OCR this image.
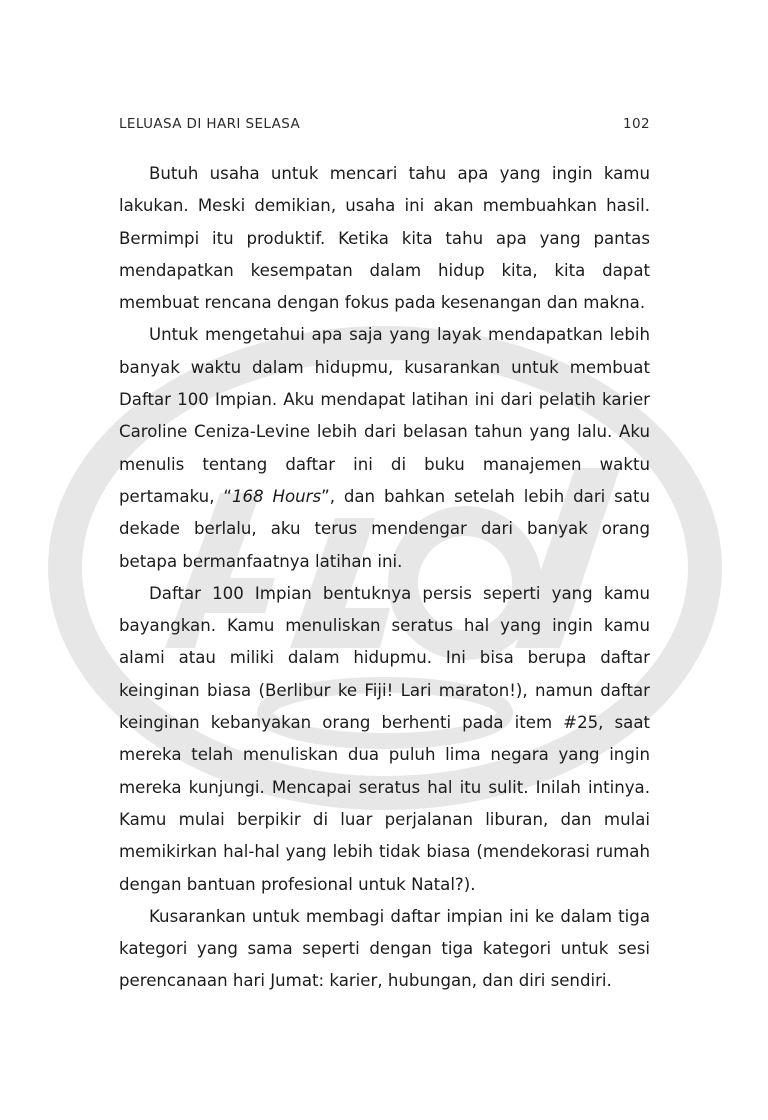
LELUASA DI HARI SELASA	102

Butuh usaha untuk mencari tahu apa yang ingin kamu lakukan. Meski demikian, usaha ini akan membuahkan hasil. Bermimpi itu produktif. Ketika kita tahu apa yang pantas mendapatkan kesempatan dalam hidup kita, kita dapat membuat rencana dengan fokus pada kesenangan dan makna.

Untuk mengetahui apa saja yang layak mendapatkan lebih banyak waktu dalam hidupmu, kusarankan untuk membuat Daftar 100 Impian. Aku mendapat latihan ini dari pelatih karier Caroline Ceniza-Levine lebih dari belasan tahun yang lalu. Aku menulis tentang daftar ini di buku manajemen waktu pertamaku, “168 Hours”, dan bahkan setelah lebih dari satu dekade berlalu, aku terus mendengar dari banyak orang betapa bermanfaatnya latihan ini.

Daftar 100 Impian bentuknya persis seperti yang kamu bayangkan. Kamu menuliskan seratus hal yang ingin kamu alami atau miliki dalam hidupmu. Ini bisa berupa daftar keinginan biasa (Berlibur ke Fiji! Lari maraton!), namun daftar keinginan kebanyakan orang berhenti pada item #25, saat mereka telah menuliskan dua puluh lima negara yang ingin mereka kunjungi. Mencapai seratus hal itu sulit. Inilah intinya. Kamu mulai berpikir di luar perjalanan liburan, dan mulai memikirkan hal-hal yang lebih tidak biasa (mendekorasi rumah dengan bantuan profesional untuk Natal?).

Kusarankan untuk membagi daftar impian ini ke dalam tiga kategori yang sama seperti dengan tiga kategori untuk sesi perencanaan hari Jumat: karier, hubungan, dan diri sendiri.
